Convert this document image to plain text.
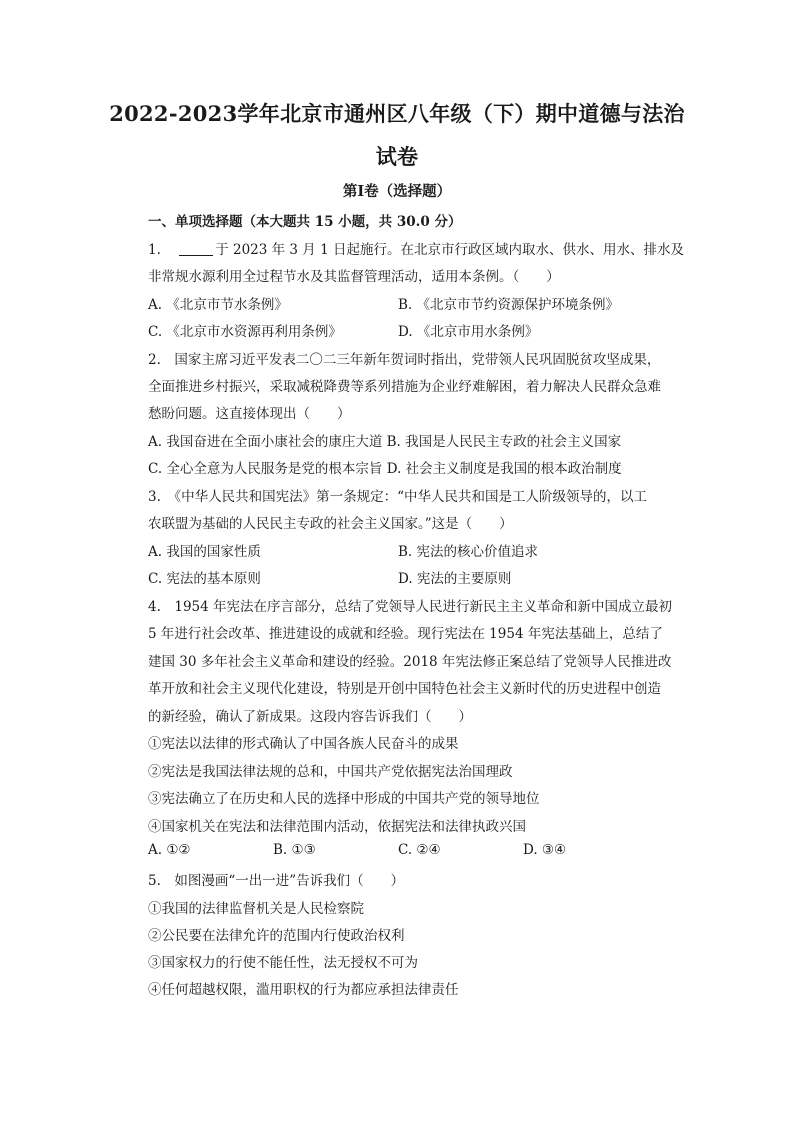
2022-2023学年北京市通州区八年级（下）期中道德与法治
试卷
第Ⅰ卷（选择题）
一、单项选择题（本大题共 15 小题，共 30.0 分）
1.	于 2023 年 3 月 1 日起施行。在北京市行政区域内取水、供水、用水、排水及
非常规水源利用全过程节水及其监督管理活动，适用本条例。（　　）
A. 《北京市节水条例》	B. 《北京市节约资源保护环境条例》
C. 《北京市水资源再利用条例》	D. 《北京市用水条例》
2.　国家主席习近平发表二〇二三年新年贺词时指出，党带领人民巩固脱贫攻坚成果，
全面推进乡村振兴，采取减税降费等系列措施为企业纾难解困，着力解决人民群众急难
愁盼问题。这直接体现出（　　）
A. 我国奋进在全面小康社会的康庄大道 B. 我国是人民民主专政的社会主义国家
C. 全心全意为人民服务是党的根本宗旨 D. 社会主义制度是我国的根本政治制度
3.　《中华人民共和国宪法》第一条规定：“中华人民共和国是工人阶级领导的，以工
农联盟为基础的人民民主专政的社会主义国家。”这是（　　）
A. 我国的国家性质	B. 宪法的核心价值追求
C. 宪法的基本原则	D. 宪法的主要原则
4.　1954 年宪法在序言部分，总结了党领导人民进行新民主主义革命和新中国成立最初
5 年进行社会改革、推进建设的成就和经验。现行宪法在 1954 年宪法基础上，总结了
建国 30 多年社会主义革命和建设的经验。2018 年宪法修正案总结了党领导人民推进改
革开放和社会主义现代化建设，特别是开创中国特色社会主义新时代的历史进程中创造
的新经验，确认了新成果。这段内容告诉我们（　　）
①宪法以法律的形式确认了中国各族人民奋斗的成果
②宪法是我国法律法规的总和，中国共产党依据宪法治国理政
③宪法确立了在历史和人民的选择中形成的中国共产党的领导地位
④国家机关在宪法和法律范围内活动，依据宪法和法律执政兴国
A. ①②	B. ①③	C. ②④	D. ③④
5.　如图漫画“一出一进”告诉我们（　　）
①我国的法律监督机关是人民检察院
②公民要在法律允许的范围内行使政治权利
③国家权力的行使不能任性，法无授权不可为
④任何超越权限，滥用职权的行为都应承担法律责任
